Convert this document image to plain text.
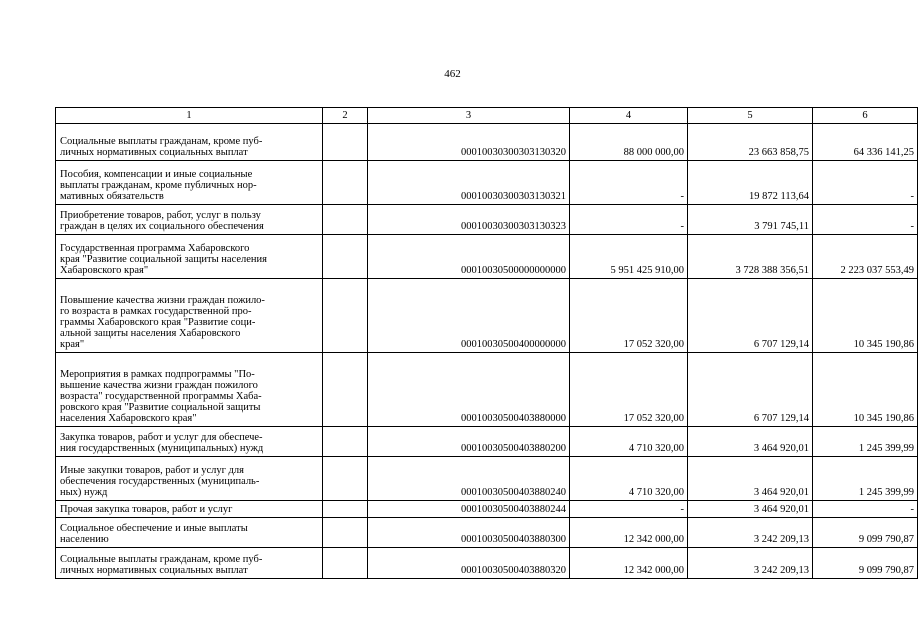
462
1	2	3	4	5	6
Социальные выплаты гражданам, кроме пуб-
личных нормативных социальных выплат		00010030300303130320	88 000 000,00	23 663 858,75	64 336 141,25
Пособия, компенсации и иные социальные
выплаты гражданам, кроме публичных нор-
мативных обязательств		00010030300303130321	-	19 872 113,64	-
Приобретение товаров, работ, услуг в пользу
граждан в целях их социального обеспечения		00010030300303130323	-	3 791 745,11	-
Государственная программа Хабаровского
края "Развитие социальной защиты населения
Хабаровского края"		00010030500000000000	5 951 425 910,00	3 728 388 356,51	2 223 037 553,49
Повышение качества жизни граждан пожило-
го возраста в рамках государственной про-
граммы Хабаровского края "Развитие соци-
альной защиты населения Хабаровского
края"		00010030500400000000	17 052 320,00	6 707 129,14	10 345 190,86
Мероприятия в рамках подпрограммы "По-
вышение качества жизни граждан пожилого
возраста" государственной программы Хаба-
ровского края "Развитие социальной защиты
населения Хабаровского края"		00010030500403880000	17 052 320,00	6 707 129,14	10 345 190,86
Закупка товаров, работ и услуг для обеспече-
ния государственных (муниципальных) нужд		00010030500403880200	4 710 320,00	3 464 920,01	1 245 399,99
Иные закупки товаров, работ и услуг для
обеспечения государственных (муниципаль-
ных) нужд		00010030500403880240	4 710 320,00	3 464 920,01	1 245 399,99
Прочая закупка товаров, работ и услуг		00010030500403880244	-	3 464 920,01	-
Социальное обеспечение и иные выплаты
населению		00010030500403880300	12 342 000,00	3 242 209,13	9 099 790,87
Социальные выплаты гражданам, кроме пуб-
личных нормативных социальных выплат		00010030500403880320	12 342 000,00	3 242 209,13	9 099 790,87
